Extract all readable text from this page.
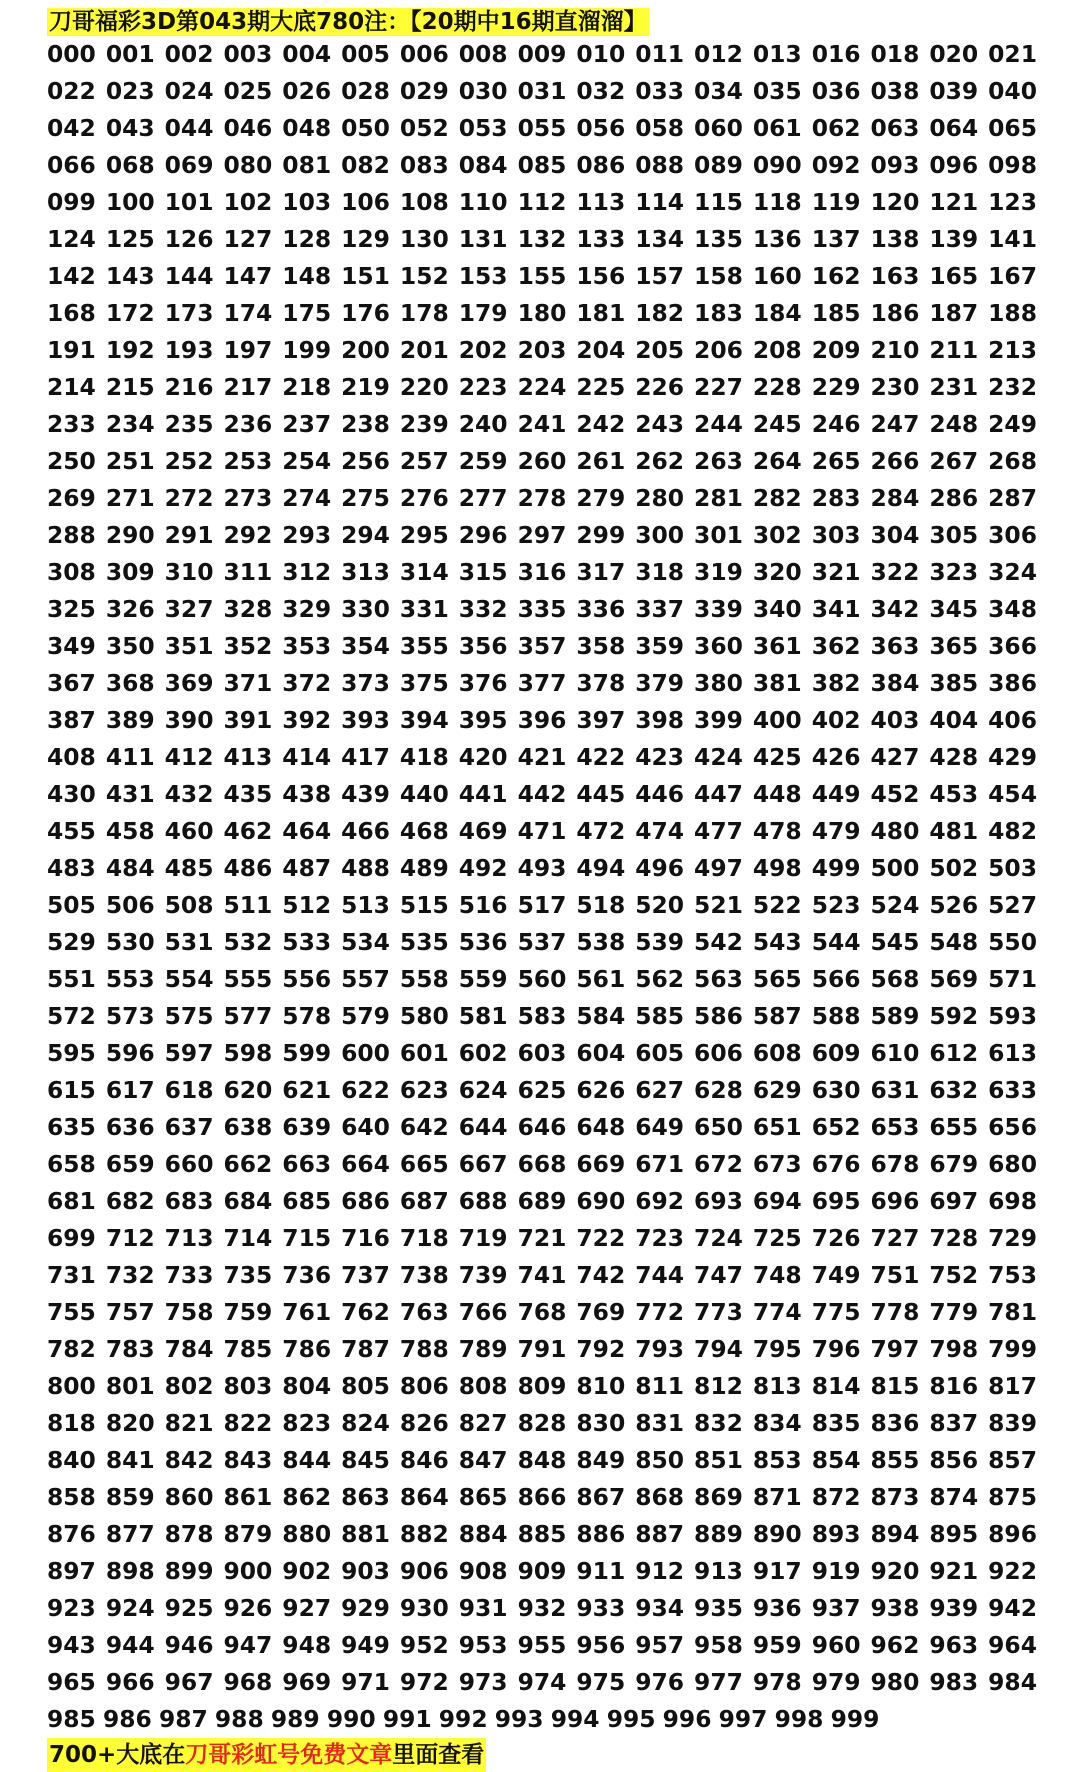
刀哥福彩3D第043期大底780注：【20期中16期直溜溜】
000 001 002 003 004 005 006 008 009 010 011 012 013 016 018 020 021 022 023 024 025 026 028 029 030 031 032 033 034 035 036 038 039 040 042 043 044 046 048 050 052 053 055 056 058 060 061 062 063 064 065 066 068 069 080 081 082 083 084 085 086 088 089 090 092 093 096 098 099 100 101 102 103 106 108 110 112 113 114 115 118 119 120 121 123 124 125 126 127 128 129 130 131 132 133 134 135 136 137 138 139 141 142 143 144 147 148 151 152 153 155 156 157 158 160 162 163 165 167 168 172 173 174 175 176 178 179 180 181 182 183 184 185 186 187 188 191 192 193 197 199 200 201 202 203 204 205 206 208 209 210 211 213 214 215 216 217 218 219 220 223 224 225 226 227 228 229 230 231 232 233 234 235 236 237 238 239 240 241 242 243 244 245 246 247 248 249 250 251 252 253 254 256 257 259 260 261 262 263 264 265 266 267 268 269 271 272 273 274 275 276 277 278 279 280 281 282 283 284 286 287 288 290 291 292 293 294 295 296 297 299 300 301 302 303 304 305 306 308 309 310 311 312 313 314 315 316 317 318 319 320 321 322 323 324 325 326 327 328 329 330 331 332 335 336 337 339 340 341 342 345 348 349 350 351 352 353 354 355 356 357 358 359 360 361 362 363 365 366 367 368 369 371 372 373 375 376 377 378 379 380 381 382 384 385 386 387 389 390 391 392 393 394 395 396 397 398 399 400 402 403 404 406 408 411 412 413 414 417 418 420 421 422 423 424 425 426 427 428 429 430 431 432 435 438 439 440 441 442 445 446 447 448 449 452 453 454 455 458 460 462 464 466 468 469 471 472 474 477 478 479 480 481 482 483 484 485 486 487 488 489 492 493 494 496 497 498 499 500 502 503 505 506 508 511 512 513 515 516 517 518 520 521 522 523 524 526 527 529 530 531 532 533 534 535 536 537 538 539 542 543 544 545 548 550 551 553 554 555 556 557 558 559 560 561 562 563 565 566 568 569 571 572 573 575 577 578 579 580 581 583 584 585 586 587 588 589 592 593 595 596 597 598 599 600 601 602 603 604 605 606 608 609 610 612 613 615 617 618 620 621 622 623 624 625 626 627 628 629 630 631 632 633 635 636 637 638 639 640 642 644 646 648 649 650 651 652 653 655 656 658 659 660 662 663 664 665 667 668 669 671 672 673 676 678 679 680 681 682 683 684 685 686 687 688 689 690 692 693 694 695 696 697 698 699 712 713 714 715 716 718 719 721 722 723 724 725 726 727 728 729 731 732 733 735 736 737 738 739 741 742 744 747 748 749 751 752 753 755 757 758 759 761 762 763 766 768 769 772 773 774 775 778 779 781 782 783 784 785 786 787 788 789 791 792 793 794 795 796 797 798 799 800 801 802 803 804 805 806 808 809 810 811 812 813 814 815 816 817 818 820 821 822 823 824 826 827 828 830 831 832 834 835 836 837 839 840 841 842 843 844 845 846 847 848 849 850 851 853 854 855 856 857 858 859 860 861 862 863 864 865 866 867 868 869 871 872 873 874 875 876 877 878 879 880 881 882 884 885 886 887 889 890 893 894 895 896 897 898 899 900 902 903 906 908 909 911 912 913 917 919 920 921 922 923 924 925 926 927 929 930 931 932 933 934 935 936 937 938 939 942 943 944 946 947 948 949 952 953 955 956 957 958 959 960 962 963 964 965 966 967 968 969 971 972 973 974 975 976 977 978 979 980 983 984 985 986 987 988 989 990 991 992 993 994 995 996 997 998 999
700+大底在刀哥彩虹号免费文章里面查看
